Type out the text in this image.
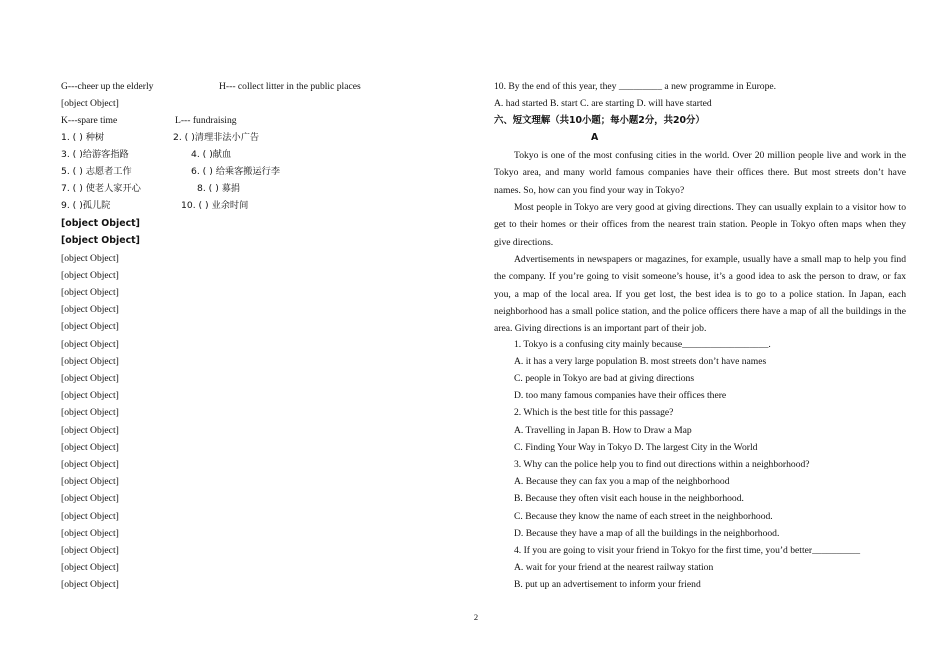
G---cheer up the elderly	H--- collect litter in the public places
[object Object]
K---spare time	L--- fundraising
1. ( ) 种树	2. ( )清理非法小广告
3. ( )给游客指路	4. ( )献血
5. ( ) 志愿者工作	6. ( ) 给乘客搬运行李
7. ( ) 使老人家开心	8. ( ) 募捐
9. ( )孤儿院	10. ( ) 业余时间
[object Object]
[object Object]
[object Object]
[object Object]
[object Object]
[object Object]
[object Object]
[object Object]
[object Object]
[object Object]
[object Object]
[object Object]
[object Object]
[object Object]
[object Object]
[object Object]
[object Object]
[object Object]
[object Object]
[object Object]
[object Object]
[object Object]
10. By the end of this year, they _________ a new programme in Europe.
A. had started B. start C. are starting D. will have started
六、短文理解（共10小题；每小题2分，共20分）
A

Tokyo is one of the most confusing cities in the world. Over 20 million people live and work in the Tokyo area, and many world famous companies have their offices there. But most streets don’t have names. So, how can you find your way in Tokyo?

Most people in Tokyo are very good at giving directions. They can usually explain to a visitor how to get to their homes or their offices from the nearest train station. People in Tokyo often maps when they give directions.

Advertisements in newspapers or magazines, for example, usually have a small map to help you find the company. If you’re going to visit someone’s house, it’s a good idea to ask the person to draw, or fax you, a map of the local area. If you get lost, the best idea is to go to a police station. In Japan, each neighborhood has a small police station, and the police officers there have a map of all the buildings in the area. Giving directions is an important part of their job.

1. Tokyo is a confusing city mainly because__________________.
A. it has a very large population B. most streets don’t have names
C. people in Tokyo are bad at giving directions
D. too many famous companies have their offices there
2. Which is the best title for this passage?
A. Travelling in Japan B. How to Draw a Map
C. Finding Your Way in Tokyo D. The largest City in the World
3. Why can the police help you to find out directions within a neighborhood?
A. Because they can fax you a map of the neighborhood
B. Because they often visit each house in the neighborhood.
C. Because they know the name of each street in the neighborhood.
D. Because they have a map of all the buildings in the neighborhood.
4. If you are going to visit your friend in Tokyo for the first time, you’d better__________
A. wait for your friend at the nearest railway station
B. put up an advertisement to inform your friend
2
